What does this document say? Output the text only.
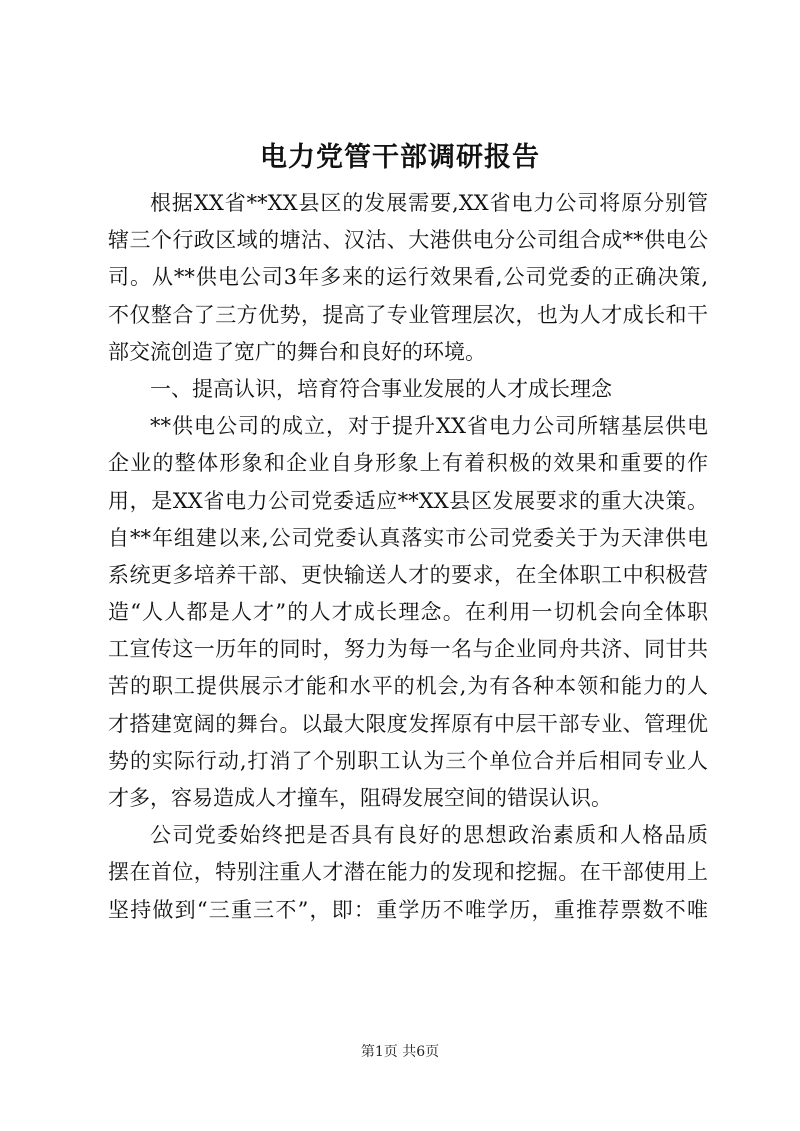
电力党管干部调研报告
根据XX省**XX县区的发展需要,XX省电力公司将原分别管
辖三个行政区域的塘沽、汉沽、大港供电分公司组合成**供电公
司。从**供电公司3年多来的运行效果看,公司党委的正确决策,
不仅整合了三方优势，提高了专业管理层次，也为人才成长和干
部交流创造了宽广的舞台和良好的环境。
一、提高认识，培育符合事业发展的人才成长理念
**供电公司的成立，对于提升XX省电力公司所辖基层供电
企业的整体形象和企业自身形象上有着积极的效果和重要的作
用，是XX省电力公司党委适应**XX县区发展要求的重大决策。
自**年组建以来,公司党委认真落实市公司党委关于为天津供电
系统更多培养干部、更快输送人才的要求，在全体职工中积极营
造“人人都是人才”的人才成长理念。在利用一切机会向全体职
工宣传这一历年的同时，努力为每一名与企业同舟共济、同甘共
苦的职工提供展示才能和水平的机会,为有各种本领和能力的人
才搭建宽阔的舞台。以最大限度发挥原有中层干部专业、管理优
势的实际行动,打消了个别职工认为三个单位合并后相同专业人
才多，容易造成人才撞车，阻碍发展空间的错误认识。
公司党委始终把是否具有良好的思想政治素质和人格品质
摆在首位，特别注重人才潜在能力的发现和挖掘。在干部使用上
坚持做到“三重三不”，即：重学历不唯学历，重推荐票数不唯
第1页 共6页
